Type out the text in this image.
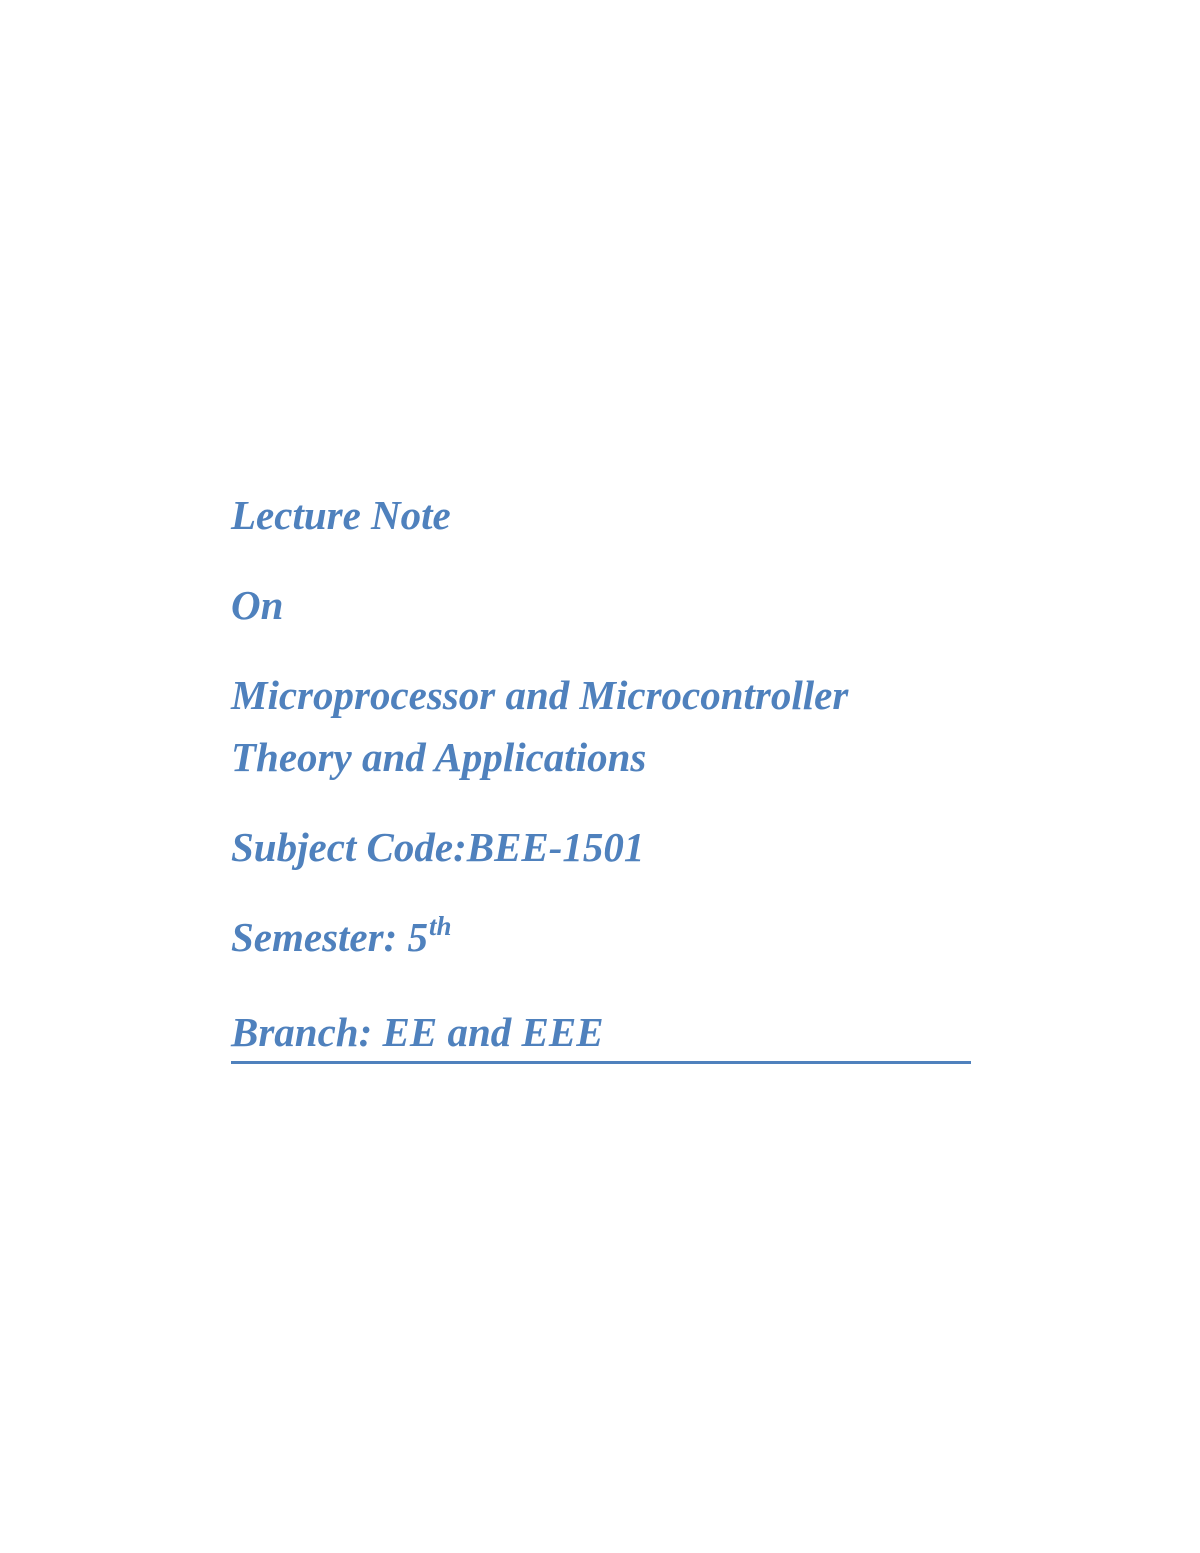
Lecture Note

On

Microprocessor and Microcontroller

Theory and Applications

Subject Code:BEE-1501

Semester: 5th

Branch: EE and EEE
